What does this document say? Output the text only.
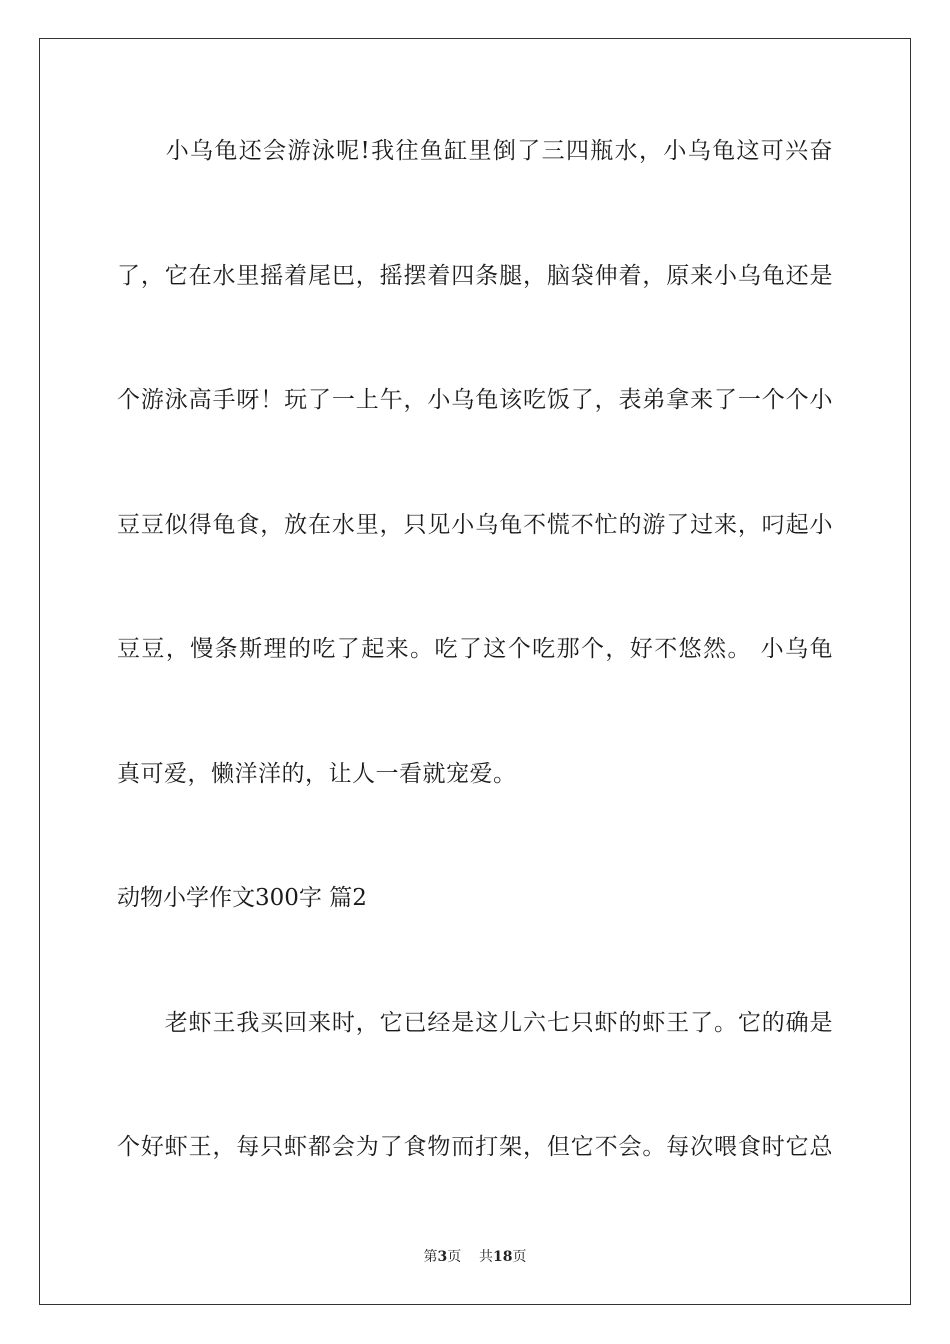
　　小乌龟还会游泳呢!我往鱼缸里倒了三四瓶水，小乌龟这可兴奋
了，它在水里摇着尾巴，摇摆着四条腿，脑袋伸着，原来小乌龟还是
个游泳高手呀！玩了一上午，小乌龟该吃饭了，表弟拿来了一个个小
豆豆似得龟食，放在水里，只见小乌龟不慌不忙的游了过来，叼起小
豆豆，慢条斯理的吃了起来。吃了这个吃那个，好不悠然。 小乌龟
真可爱，懒洋洋的，让人一看就宠爱。
动物小学作文300字 篇2
　　老虾王我买回来时，它已经是这儿六七只虾的虾王了。它的确是
个好虾王，每只虾都会为了食物而打架，但它不会。每次喂食时它总
第3页 共18页
